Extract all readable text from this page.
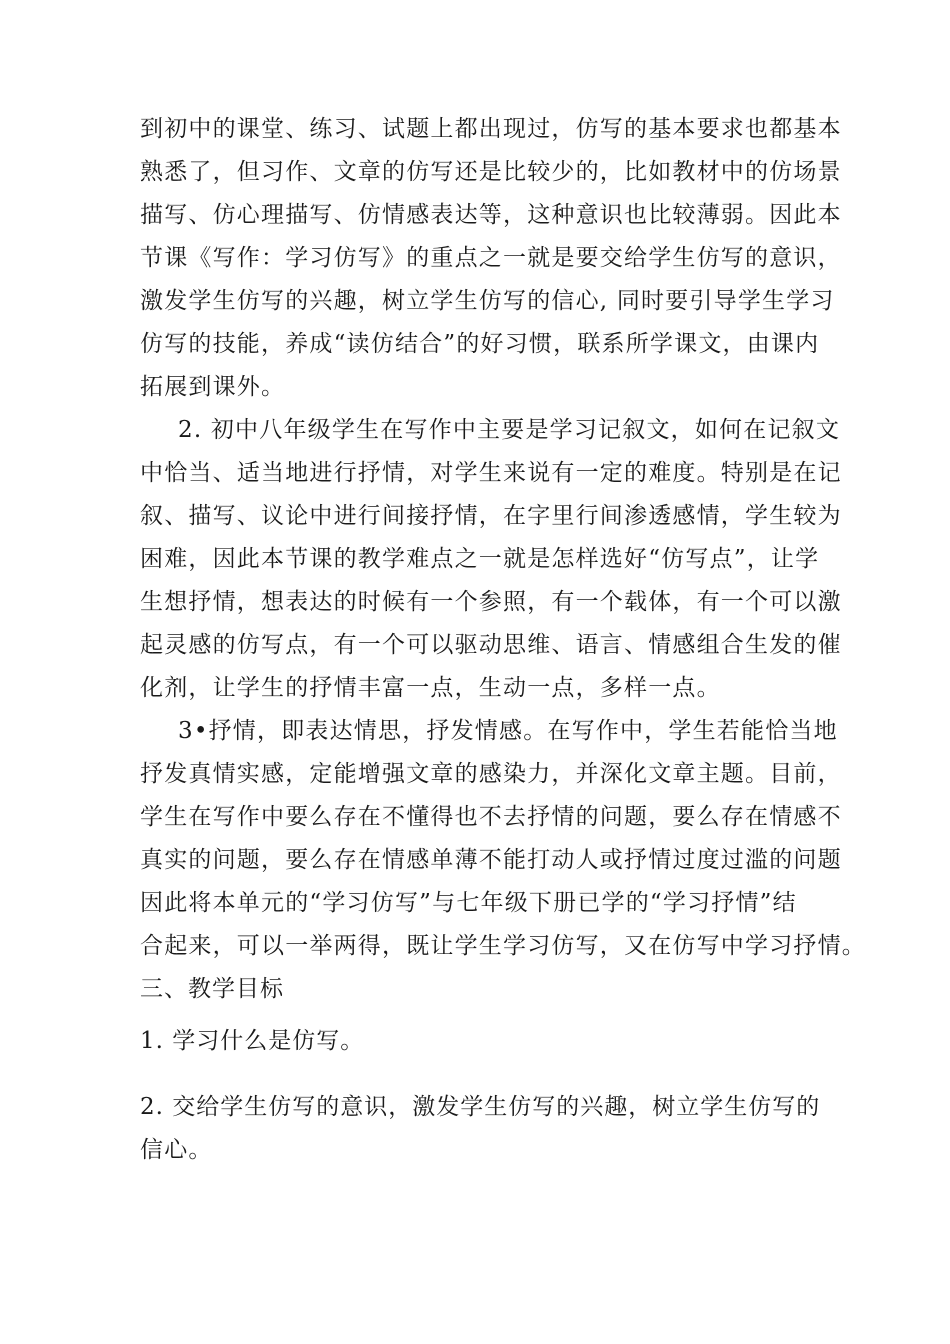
到初中的课堂、练习、试题上都出现过，仿写的基本要求也都基本
熟悉了，但习作、文章的仿写还是比较少的，比如教材中的仿场景
描写、仿心理描写、仿情感表达等，这种意识也比较薄弱。因此本
节课《写作：学习仿写》的重点之一就是要交给学生仿写的意识，
激发学生仿写的兴趣，树立学生仿写的信心, 同时要引导学生学习
仿写的技能，养成“读仿结合”的好习惯，联系所学课文，由课内
拓展到课外。
2. 初中八年级学生在写作中主要是学习记叙文，如何在记叙文
中恰当、适当地进行抒情，对学生来说有一定的难度。特别是在记
叙、描写、议论中进行间接抒情，在字里行间渗透感情，学生较为
困难，因此本节课的教学难点之一就是怎样选好“仿写点”，让学
生想抒情，想表达的时候有一个参照，有一个载体，有一个可以激
起灵感的仿写点，有一个可以驱动思维、语言、情感组合生发的催
化剂，让学生的抒情丰富一点，生动一点，多样一点。
3•抒情，即表达情思，抒发情感。在写作中，学生若能恰当地
抒发真情实感，定能增强文章的感染力，并深化文章主题。目前，
学生在写作中要么存在不懂得也不去抒情的问题，要么存在情感不
真实的问题，要么存在情感单薄不能打动人或抒情过度过滥的问题
因此将本单元的“学习仿写”与七年级下册已学的“学习抒情”结
合起来，可以一举两得，既让学生学习仿写，又在仿写中学习抒情。
三、教学目标
1. 学习什么是仿写。
2. 交给学生仿写的意识，激发学生仿写的兴趣，树立学生仿写的
信心。
